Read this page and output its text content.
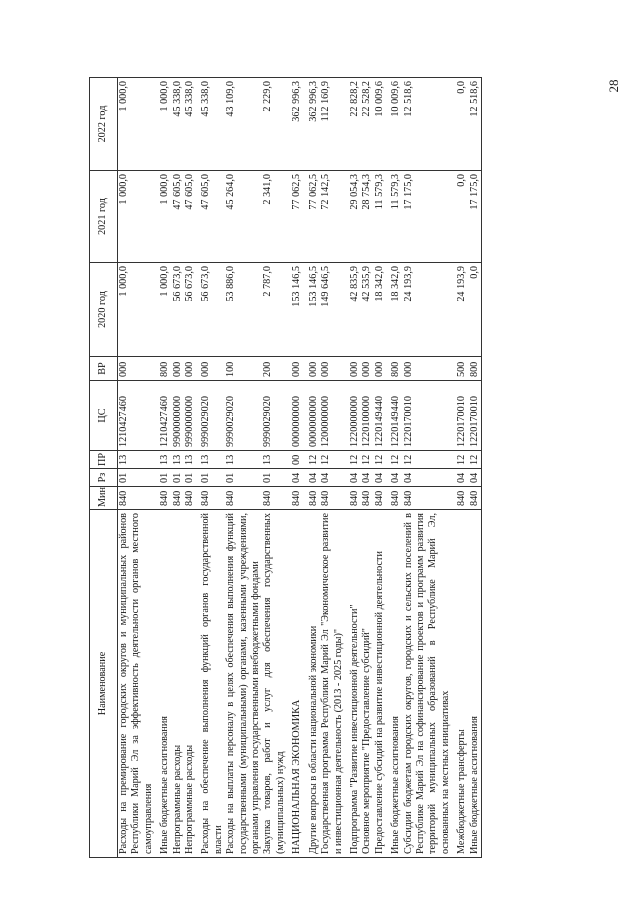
28
Наименование	Мин	Рз	ПР	ЦС	ВР	2020 год	2021 год	2022 год
Расходы на премирование городских округов и муниципальных районов Республики Марий Эл за эффективность деятельности органов местного самоуправления	840	01	13	1210427460	000	1 000,0	1 000,0	1 000,0
Иные бюджетные ассигнования	840	01	13	1210427460	800	1 000,0	1 000,0	1 000,0
Непрограммные расходы	840	01	13	9900000000	000	56 673,0	47 605,0	45 338,0
Непрограммные расходы	840	01	13	9990000000	000	56 673,0	47 605,0	45 338,0
Расходы на обеспечение выполнения функций органов государственной власти	840	01	13	9990029020	000	56 673,0	47 605,0	45 338,0
Расходы на выплаты персоналу в целях обеспечения выполнения функций государственными (муниципальными) органами, казенными учреждениями, органами управления государственными внебюджетными фондами	840	01	13	9990029020	100	53 886,0	45 264,0	43 109,0
Закупка товаров, работ и услуг для обеспечения государственных (муниципальных) нужд	840	01	13	9990029020	200	2 787,0	2 341,0	2 229,0
НАЦИОНАЛЬНАЯ ЭКОНОМИКА	840	04	00	0000000000	000	153 146,5	77 062,5	362 996,3
Другие вопросы в области национальной экономики	840	04	12	0000000000	000	153 146,5	77 062,5	362 996,3
Государственная программа Республики Марий Эл "Экономическое развитие и инвестиционная деятельность (2013 - 2025 годы)"	840	04	12	1200000000	000	149 646,5	72 142,5	112 160,9
Подпрограмма "Развитие инвестиционной деятельности"	840	04	12	1220000000	000	42 835,9	29 054,3	22 828,2
Основное мероприятие "Предоставление субсидий"	840	04	12	1220100000	000	42 535,9	28 754,3	22 528,2
Предоставление субсидий на развитие инвестиционной деятельности	840	04	12	1220149440	000	18 342,0	11 579,3	10 009,6
Иные бюджетные ассигнования	840	04	12	1220149440	800	18 342,0	11 579,3	10 009,6
Субсидии бюджетам городских округов, городских и сельских поселений в Республике Марий Эл на софинансирование проектов и программ развития территорий муниципальных образований в Республике Марий Эл, основанных на местных инициативах	840	04	12	1220170010	000	24 193,9	17 175,0	12 518,6
Межбюджетные трансферты	840	04	12	1220170010	500	24 193,9	0,0	0,0
Иные бюджетные ассигнования	840	04	12	1220170010	800	0,0	17 175,0	12 518,6
